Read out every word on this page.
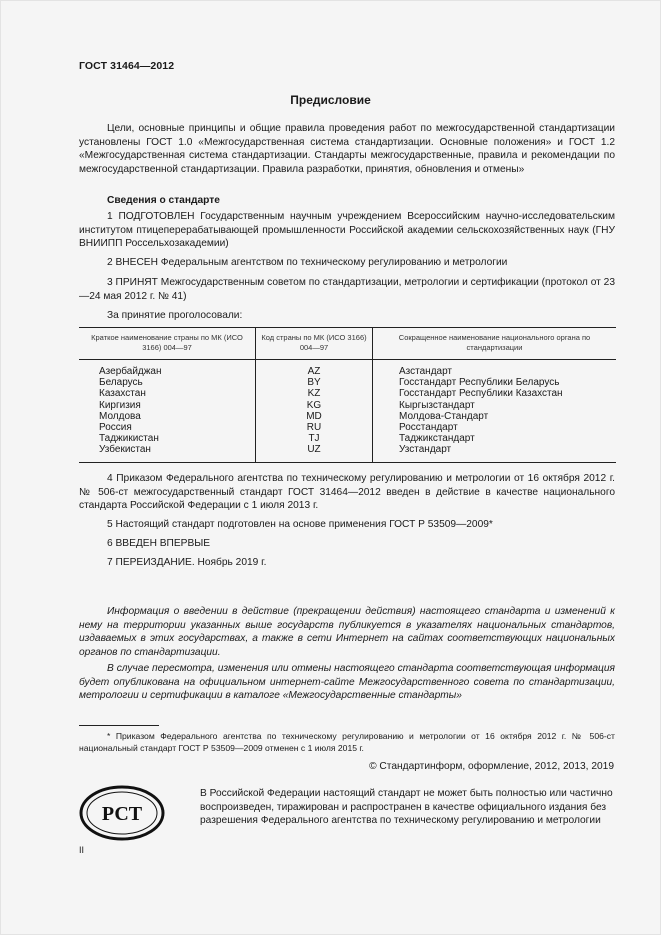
ГОСТ 31464—2012
Предисловие
Цели, основные принципы и общие правила проведения работ по межгосударственной стандартизации установлены ГОСТ 1.0 «Межгосударственная система стандартизации. Основные положения» и ГОСТ 1.2 «Межгосударственная система стандартизации. Стандарты межгосударственные, правила и рекомендации по межгосударственной стандартизации. Правила разработки, принятия, обновления и отмены»
Сведения о стандарте
1 ПОДГОТОВЛЕН Государственным научным учреждением Всероссийским научно-исследовательским институтом птицеперерабатывающей промышленности Российской академии сельскохозяйственных наук (ГНУ ВНИИПП Россельхозакадемии)
2 ВНЕСЕН Федеральным агентством по техническому регулированию и метрологии
3 ПРИНЯТ Межгосударственным советом по стандартизации, метрологии и сертификации (протокол от 23—24 мая 2012 г. № 41)
За принятие проголосовали:
Краткое наименование страны по МК (ИСО 3166) 004—97	Код страны по МК (ИСО 3166) 004—97	Сокращенное наименование национального органа по стандартизации
Азербайджан	AZ	Азстандарт
Беларусь	BY	Госстандарт Республики Беларусь
Казахстан	KZ	Госстандарт Республики Казахстан
Киргизия	KG	Кыргызстандарт
Молдова	MD	Молдова-Стандарт
Россия	RU	Росстандарт
Таджикистан	TJ	Таджикстандарт
Узбекистан	UZ	Узстандарт
4 Приказом Федерального агентства по техническому регулированию и метрологии от 16 октября 2012 г. № 506-ст межгосударственный стандарт ГОСТ 31464—2012 введен в действие в качестве национального стандарта Российской Федерации с 1 июля 2013 г.
5 Настоящий стандарт подготовлен на основе применения ГОСТ Р 53509—2009*
6 ВВЕДЕН ВПЕРВЫЕ
7 ПЕРЕИЗДАНИЕ. Ноябрь 2019 г.
Информация о введении в действие (прекращении действия) настоящего стандарта и изменений к нему на территории указанных выше государств публикуется в указателях национальных стандартов, издаваемых в этих государствах, а также в сети Интернет на сайтах соответствующих национальных органов по стандартизации.
В случае пересмотра, изменения или отмены настоящего стандарта соответствующая информация будет опубликована на официальном интернет-сайте Межгосударственного совета по стандартизации, метрологии и сертификации в каталоге «Межгосударственные стандарты»
* Приказом Федерального агентства по техническому регулированию и метрологии от 16 октября 2012 г. № 506-ст национальный стандарт ГОСТ Р 53509—2009 отменен с 1 июля 2015 г.
© Стандартинформ, оформление, 2012, 2013, 2019
РСТ
В Российской Федерации настоящий стандарт не может быть полностью или частично воспроизведен, тиражирован и распространен в качестве официального издания без разрешения Федерального агентства по техническому регулированию и метрологии
II
